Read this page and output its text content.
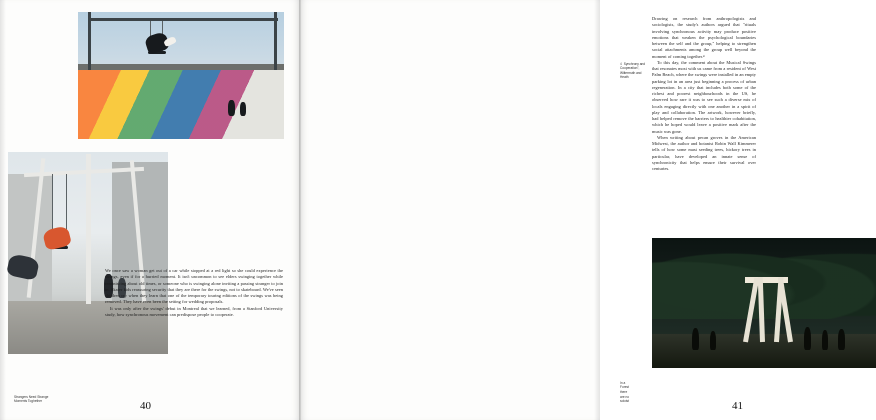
We once saw a woman get out of a car while stopped at a red light so she could experience the swings, even if for a hurried moment. It isn't uncommon to see elders swinging together while reminiscing about old times, or someone who is swinging alone inviting a passing stranger to join in. Skater kids reassuring security that they are there for the swings, not to skateboard. We've seen children cry when they learn that one of the temporary touring editions of the swings was being removed. They have even been the setting for wedding proposals.

It was only after the swings' debut in Montreal that we learned, from a Stanford University study, how synchronous movement can predispose people to cooperate.

Strangers Need Strange
Moments Toghether	40

Drawing on research from anthropologists and sociologists, the study's authors argued that "rituals involving synchronous activity may produce positive emotions that weaken the psychological boundaries between the self and the group," helping to strengthen social attachments among the group well beyond the moment of coming together.⁴

To this day, the comment about the Musical Swings that resonates most with us came from a resident of West Palm Beach, where the swings were installed in an empty parking lot in an area just beginning a process of urban regeneration. In a city that includes both some of the richest and poorest neighbourhoods in the US, he observed how rare it was to see such a diverse mix of locals engaging directly with one another in a spirit of play and collaboration. The artwork, however briefly, had helped remove the barriers to healthier cohabitation, which he hoped would leave a positive mark after the music was gone.

When writing about pecan groves in the American Midwest, the author and botanist Robin Wall Kimmerer tells of how some mast seeding trees, hickory trees in particular, have developed an innate sense of synchronicity that helps ensure their survival over centuries.

4 Synchrony and Cooperation", Wiltermuth and Heath
In a Forest
there are no soloist	41
